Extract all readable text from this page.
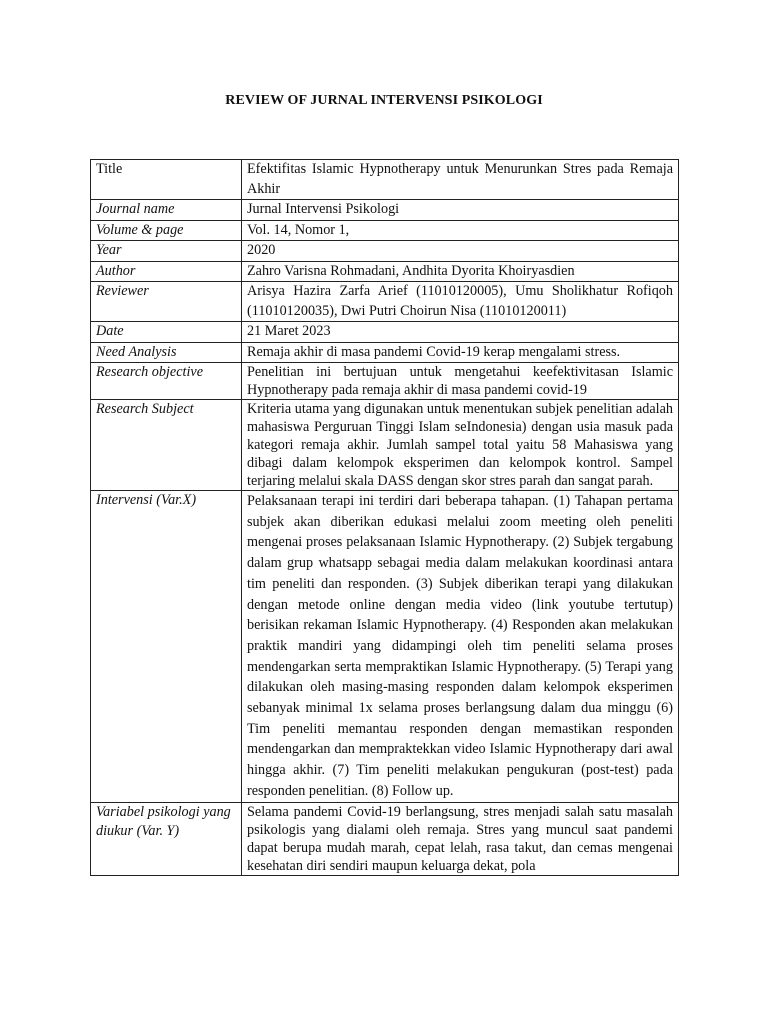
REVIEW OF JURNAL INTERVENSI PSIKOLOGI
Title	Efektifitas Islamic Hypnotherapy untuk Menurunkan Stres pada Remaja Akhir
Journal name	Jurnal Intervensi Psikologi
Volume & page	Vol. 14, Nomor 1,
Year	2020
Author	Zahro Varisna Rohmadani, Andhita Dyorita Khoiryasdien
Reviewer	Arisya Hazira Zarfa Arief (11010120005), Umu Sholikhatur Rofiqoh (11010120035), Dwi Putri Choirun Nisa (11010120011)
Date	21 Maret 2023
Need Analysis	Remaja akhir di masa pandemi Covid-19 kerap mengalami stress.
Research objective	Penelitian ini bertujuan untuk mengetahui keefektivitasan Islamic Hypnotherapy pada remaja akhir di masa pandemi covid-19
Research Subject	Kriteria utama yang digunakan untuk menentukan subjek penelitian adalah mahasiswa Perguruan Tinggi Islam seIndonesia) dengan usia masuk pada kategori remaja akhir. Jumlah sampel total yaitu 58 Mahasiswa yang dibagi dalam kelompok eksperimen dan kelompok kontrol. Sampel terjaring melalui skala DASS dengan skor stres parah dan sangat parah.
Intervensi (Var.X)	Pelaksanaan terapi ini terdiri dari beberapa tahapan. (1) Tahapan pertama subjek akan diberikan edukasi melalui zoom meeting oleh peneliti mengenai proses pelaksanaan Islamic Hypnotherapy. (2) Subjek tergabung dalam grup whatsapp sebagai media dalam melakukan koordinasi antara tim peneliti dan responden. (3) Subjek diberikan terapi yang dilakukan dengan metode online dengan media video (link youtube tertutup) berisikan rekaman Islamic Hypnotherapy. (4) Responden akan melakukan praktik mandiri yang didampingi oleh tim peneliti selama proses mendengarkan serta mempraktikan Islamic Hypnotherapy. (5) Terapi yang dilakukan oleh masing-masing responden dalam kelompok eksperimen sebanyak minimal 1x selama proses berlangsung dalam dua minggu (6) Tim peneliti memantau responden dengan memastikan responden mendengarkan dan mempraktekkan video Islamic Hypnotherapy dari awal hingga akhir. (7) Tim peneliti melakukan pengukuran (post-test) pada responden penelitian. (8) Follow up.
Variabel psikologi yang diukur (Var. Y)	Selama pandemi Covid-19 berlangsung, stres menjadi salah satu masalah psikologis yang dialami oleh remaja. Stres yang muncul saat pandemi dapat berupa mudah marah, cepat lelah, rasa takut, dan cemas mengenai kesehatan diri sendiri maupun keluarga dekat, pola
